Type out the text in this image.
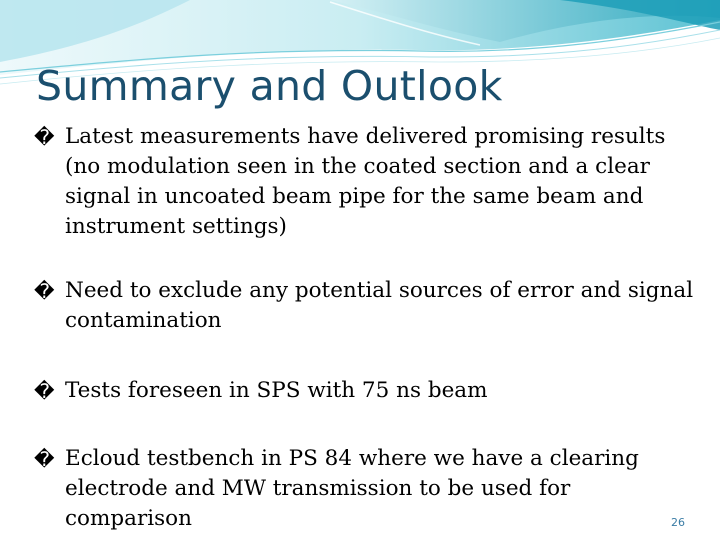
Summary and Outlook
� Latest measurements have delivered promising results (no modulation seen in the coated section and a clear signal in uncoated beam pipe for the same beam and instrument settings)
� Need to exclude any potential sources of error and signal contamination
� Tests foreseen in SPS with 75 ns beam
� Ecloud testbench in PS 84 where we have a clearing electrode and MW transmission to be used for comparison	26
